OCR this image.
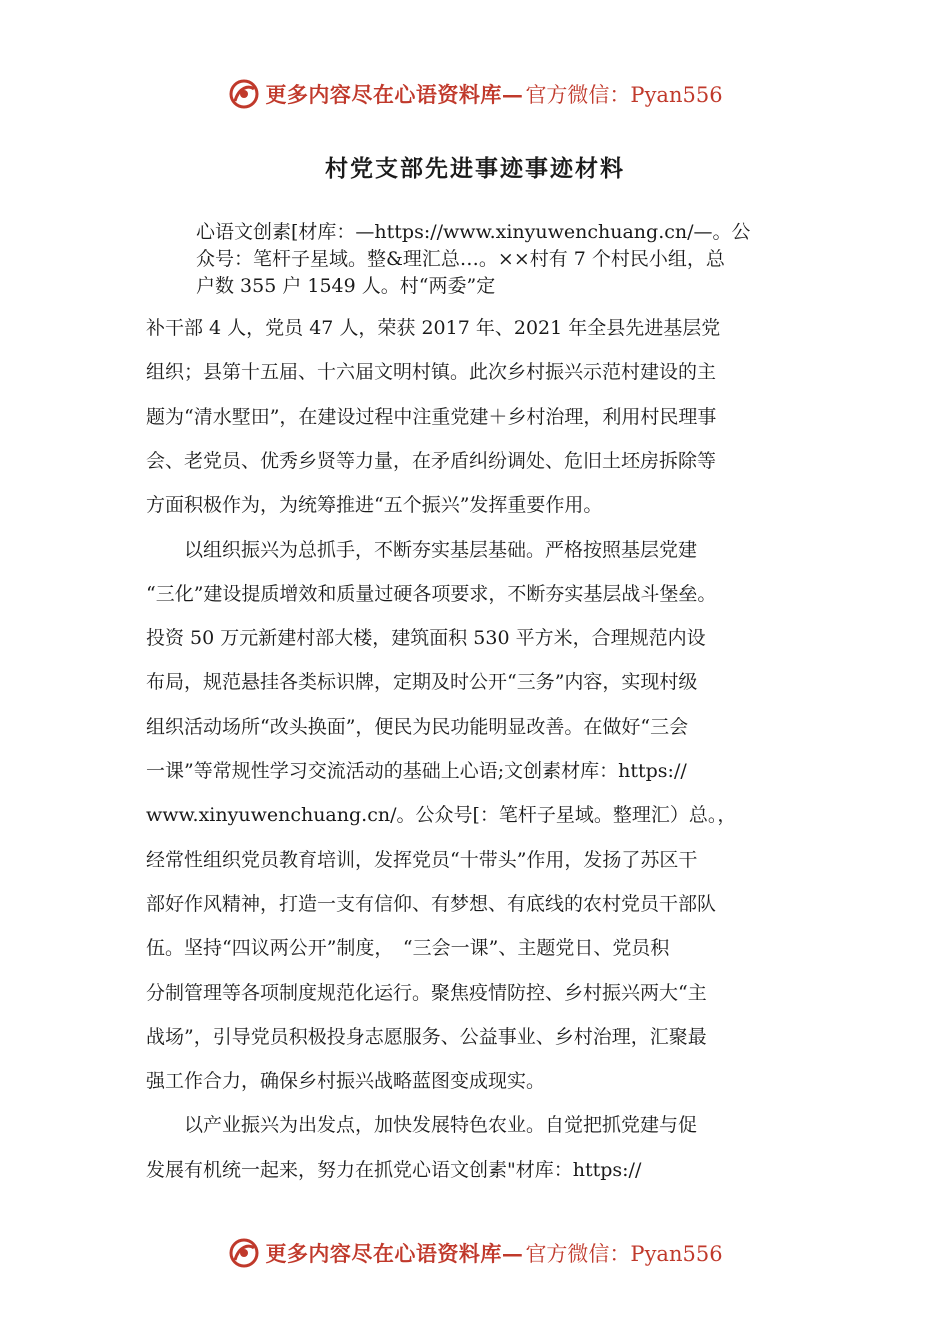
更多内容尽在心语资料库— 官方微信：Pyan556
村党支部先进事迹事迹材料
心语文创素[材库：—https://www.xinyuwenchuang.cn/—。公
众号：笔杆子星域。整&理汇总…。××村有 7 个村民小组，总
户数 355 户 1549 人。村“两委”定
补干部 4 人，党员 47 人，荣获 2017 年、2021 年全县先进基层党
组织；县第十五届、十六届文明村镇。此次乡村振兴示范村建设的主
题为“清水墅田”，在建设过程中注重党建＋乡村治理，利用村民理事
会、老党员、优秀乡贤等力量，在矛盾纠纷调处、危旧土坯房拆除等
方面积极作为，为统筹推进“五个振兴”发挥重要作用。
　　以组织振兴为总抓手，不断夯实基层基础。严格按照基层党建
“三化”建设提质增效和质量过硬各项要求，不断夯实基层战斗堡垒。
投资 50 万元新建村部大楼，建筑面积 530 平方米，合理规范内设
布局，规范悬挂各类标识牌，定期及时公开“三务”内容，实现村级
组织活动场所“改头换面”，便民为民功能明显改善。在做好“三会
一课”等常规性学习交流活动的基础上心语;文创素材库：https://
www.xinyuwenchuang.cn/。公众号[：笔杆子星域。整理汇）总。，
经常性组织党员教育培训，发挥党员“十带头”作用，发扬了苏区干
部好作风精神，打造一支有信仰、有梦想、有底线的农村党员干部队
伍。坚持“四议两公开”制度，　“三会一课”、主题党日、党员积
分制管理等各项制度规范化运行。聚焦疫情防控、乡村振兴两大“主
战场”，引导党员积极投身志愿服务、公益事业、乡村治理，汇聚最
强工作合力，确保乡村振兴战略蓝图变成现实。
　　以产业振兴为出发点，加快发展特色农业。自觉把抓党建与促
发展有机统一起来，努力在抓党心语文创素"材库：https://
更多内容尽在心语资料库— 官方微信：Pyan556
